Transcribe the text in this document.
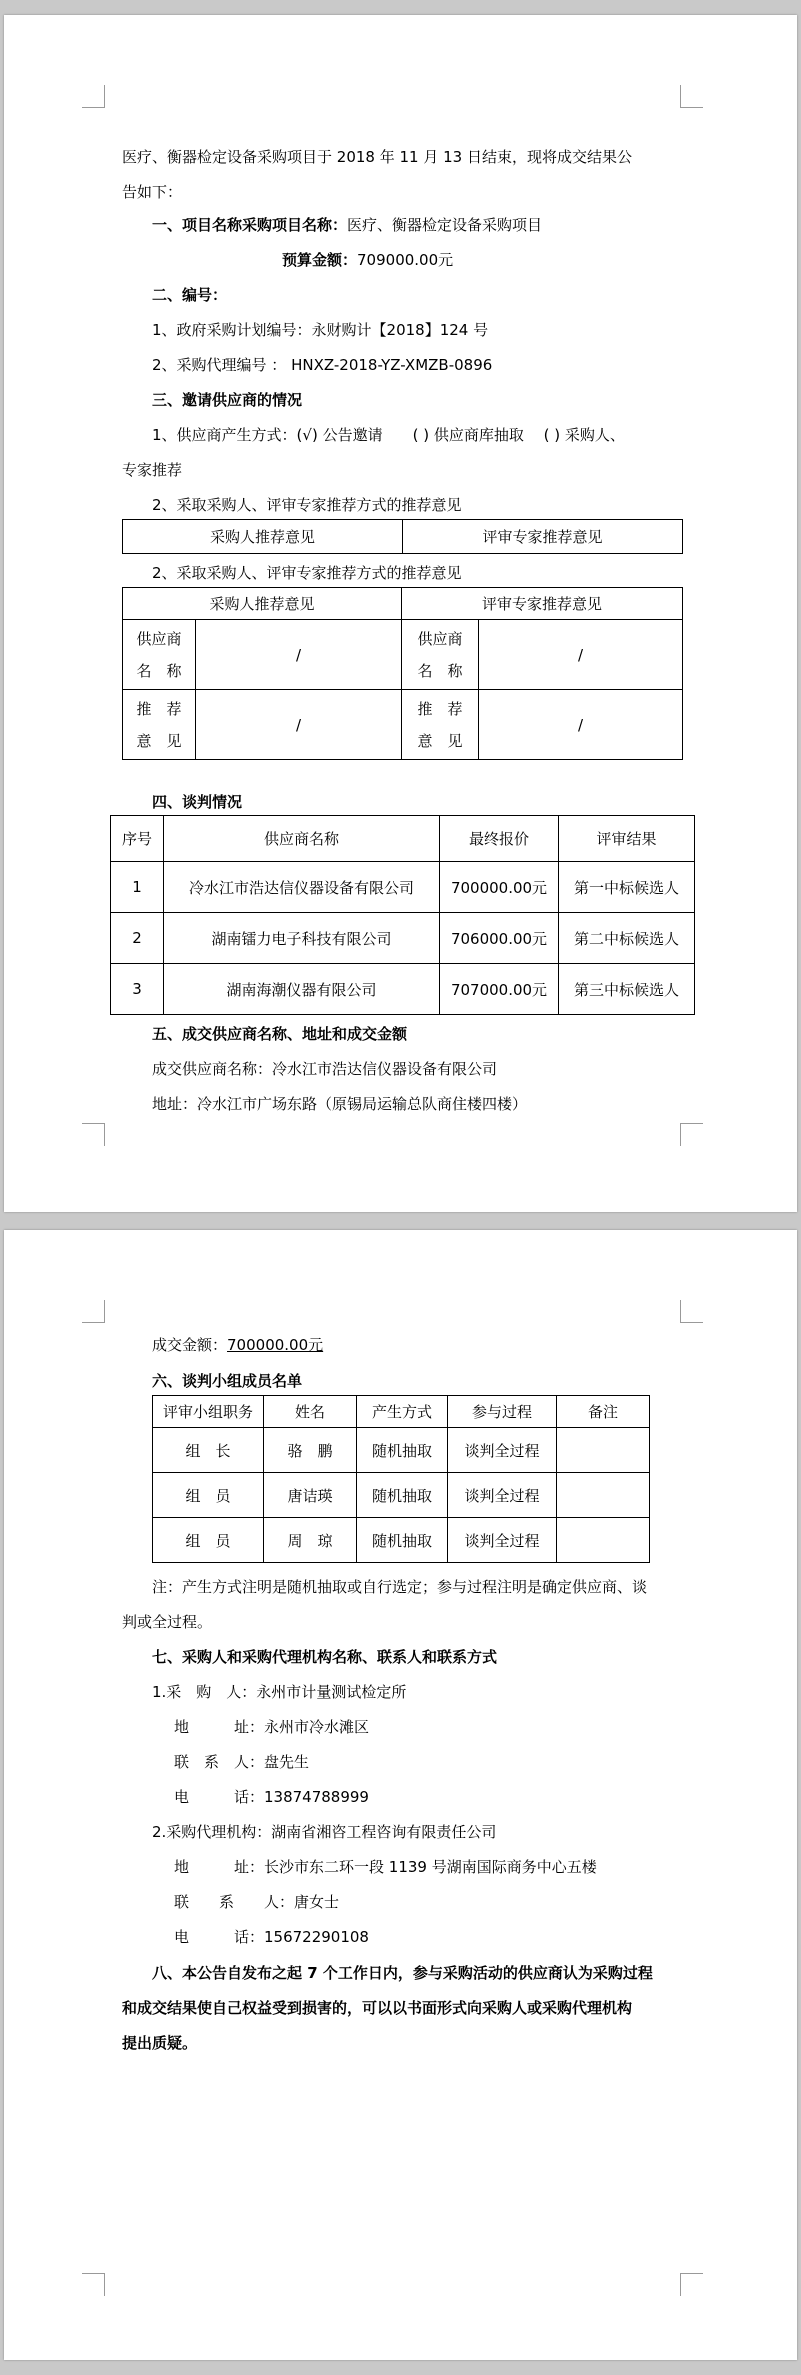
医疗、衡器检定设备采购项目于 2018 年 11 月 13 日结束，现将成交结果公
告如下：
一、项目名称采购项目名称：医疗、衡器检定设备采购项目
预算金额：709000.00元
二、编号：
1、政府采购计划编号：永财购计【2018】124 号
2、采购代理编号 ： HNXZ-2018-YZ-XMZB-0896
三、邀请供应商的情况
1、供应商产生方式：(√) 公告邀请　　( ) 供应商库抽取　 ( ) 采购人、
专家推荐
2、采取采购人、评审专家推荐方式的推荐意见
采购人推荐意见	评审专家推荐意见
2、采取采购人、评审专家推荐方式的推荐意见
采购人推荐意见		评审专家推荐意见	
供应商
名　称	/	供应商
名　称	/
推　荐
意　见	/	推　荐
意　见	/
四、谈判情况
序号	供应商名称	最终报价	评审结果
1	冷水江市浩达信仪器设备有限公司	700000.00元	第一中标候选人
2	湖南镭力电子科技有限公司	706000.00元	第二中标候选人
3	湖南海潮仪器有限公司	707000.00元	第三中标候选人
五、成交供应商名称、地址和成交金额
成交供应商名称：冷水江市浩达信仪器设备有限公司
地址：冷水江市广场东路（原锡局运输总队商住楼四楼）
成交金额：700000.00元
六、谈判小组成员名单
评审小组职务	姓名	产生方式	参与过程	备注
组　长	骆　鹏	随机抽取	谈判全过程	
组　员	唐诘瑛	随机抽取	谈判全过程	
组　员	周　琼	随机抽取	谈判全过程	
注：产生方式注明是随机抽取或自行选定；参与过程注明是确定供应商、谈
判或全过程。
七、采购人和采购代理机构名称、联系人和联系方式
1.采　购　人：永州市计量测试检定所
地　　　址：永州市冷水滩区
联　系　人：盘先生
电　　　话：13874788999
2.采购代理机构：湖南省湘咨工程咨询有限责任公司
地　　　址：长沙市东二环一段 1139 号湖南国际商务中心五楼
联　　系　　人：唐女士
电　　　话：15672290108
八、本公告自发布之起 7 个工作日内，参与采购活动的供应商认为采购过程
和成交结果使自己权益受到损害的，可以以书面形式向采购人或采购代理机构
提出质疑。
